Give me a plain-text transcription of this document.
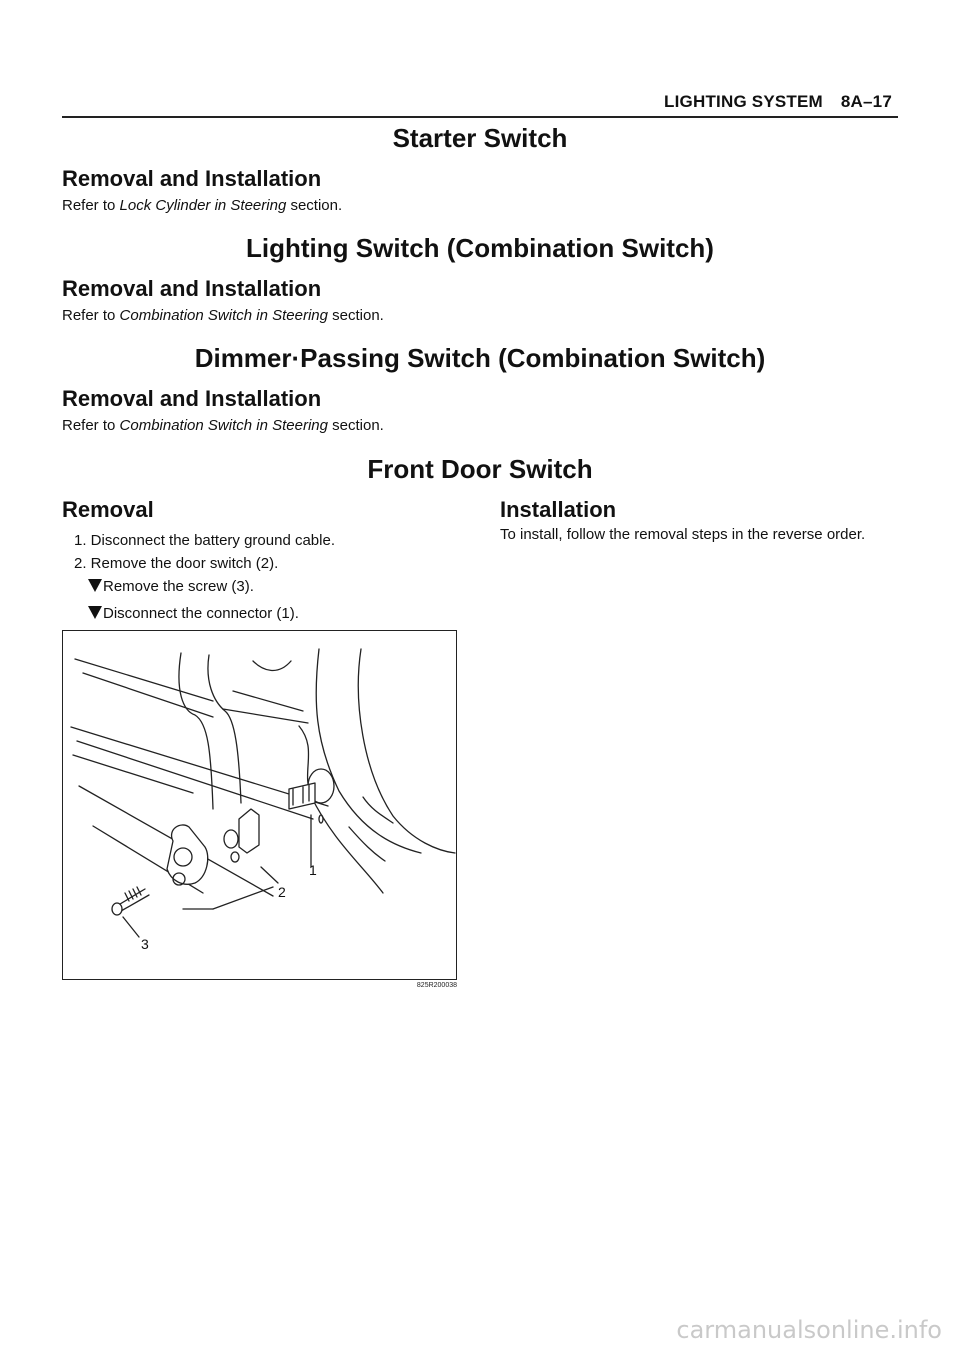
LIGHTING SYSTEM 8A–17
Starter Switch
Removal and Installation
Refer to Lock Cylinder in Steering section.
Lighting Switch (Combination Switch)
Removal and Installation
Refer to Combination Switch in Steering section.
Dimmer·Passing Switch (Combination Switch)
Removal and Installation
Refer to Combination Switch in Steering section.
Front Door Switch
Removal
1. Disconnect the battery ground cable.
2. Remove the door switch (2).
Remove the screw (3).
Disconnect the connector (1).
Installation
To install, follow the removal steps in the reverse order.
1
2
3
825R200038
carmanualsonline.info
